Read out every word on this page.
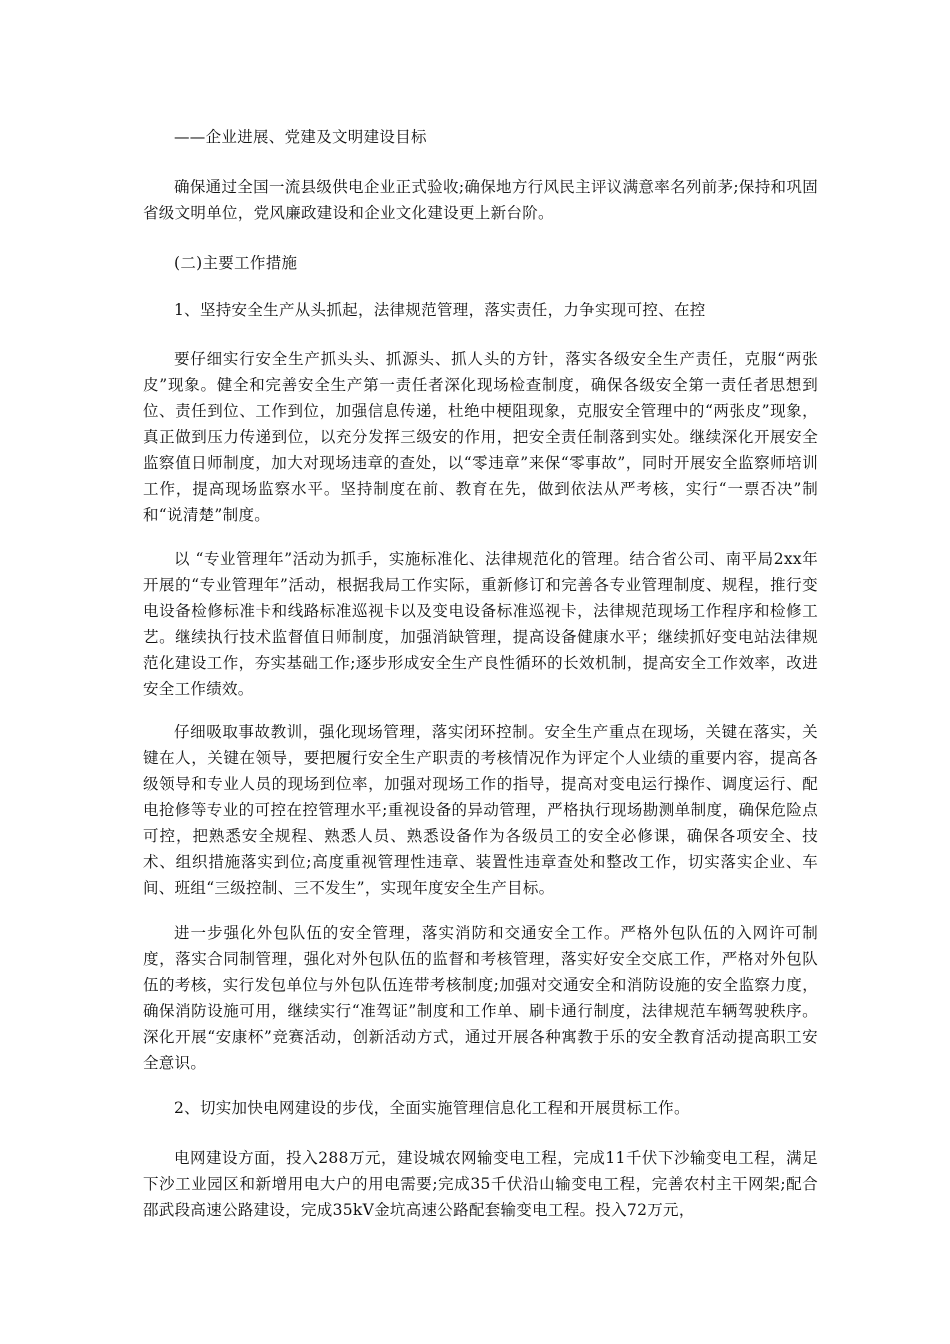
——企业进展、党建及文明建设目标

确保通过全国一流县级供电企业正式验收;确保地方行风民主评议满意率名列前茅;保持和巩固省级文明单位，党风廉政建设和企业文化建设更上新台阶。

(二)主要工作措施

1、坚持安全生产从头抓起，法律规范管理，落实责任，力争实现可控、在控

要仔细实行安全生产抓头头、抓源头、抓人头的方针，落实各级安全生产责任，克服“两张皮”现象。健全和完善安全生产第一责任者深化现场检查制度，确保各级安全第一责任者思想到位、责任到位、工作到位，加强信息传递，杜绝中梗阻现象，克服安全管理中的“两张皮”现象，真正做到压力传递到位，以充分发挥三级安的作用，把安全责任制落到实处。继续深化开展安全监察值日师制度，加大对现场违章的查处，以“零违章”来保“零事故”，同时开展安全监察师培训工作，提高现场监察水平。坚持制度在前、教育在先，做到依法从严考核，实行“一票否决”制和“说清楚”制度。

以 “专业管理年”活动为抓手，实施标准化、法律规范化的管理。结合省公司、南平局2xx年开展的“专业管理年”活动，根据我局工作实际，重新修订和完善各专业管理制度、规程，推行变电设备检修标准卡和线路标准巡视卡以及变电设备标准巡视卡，法律规范现场工作程序和检修工艺。继续执行技术监督值日师制度，加强消缺管理，提高设备健康水平；继续抓好变电站法律规范化建设工作，夯实基础工作;逐步形成安全生产良性循环的长效机制，提高安全工作效率，改进安全工作绩效。

仔细吸取事故教训，强化现场管理，落实闭环控制。安全生产重点在现场，关键在落实，关键在人，关键在领导，要把履行安全生产职责的考核情况作为评定个人业绩的重要内容，提高各级领导和专业人员的现场到位率，加强对现场工作的指导，提高对变电运行操作、调度运行、配电抢修等专业的可控在控管理水平;重视设备的异动管理，严格执行现场勘测单制度，确保危险点可控，把熟悉安全规程、熟悉人员、熟悉设备作为各级员工的安全必修课，确保各项安全、技术、组织措施落实到位;高度重视管理性违章、装置性违章查处和整改工作，切实落实企业、车间、班组“三级控制、三不发生”，实现年度安全生产目标。

进一步强化外包队伍的安全管理，落实消防和交通安全工作。严格外包队伍的入网许可制度，落实合同制管理，强化对外包队伍的监督和考核管理，落实好安全交底工作，严格对外包队伍的考核，实行发包单位与外包队伍连带考核制度;加强对交通安全和消防设施的安全监察力度，确保消防设施可用，继续实行“准驾证”制度和工作单、刷卡通行制度，法律规范车辆驾驶秩序。深化开展“安康杯”竞赛活动，创新活动方式，通过开展各种寓教于乐的安全教育活动提高职工安全意识。

2、切实加快电网建设的步伐，全面实施管理信息化工程和开展贯标工作。

电网建设方面，投入288万元，建设城农网输变电工程，完成11千伏下沙输变电工程，满足下沙工业园区和新增用电大户的用电需要;完成35千伏沿山输变电工程，完善农村主干网架;配合邵武段高速公路建设，完成35kV金坑高速公路配套输变电工程。投入72万元，
